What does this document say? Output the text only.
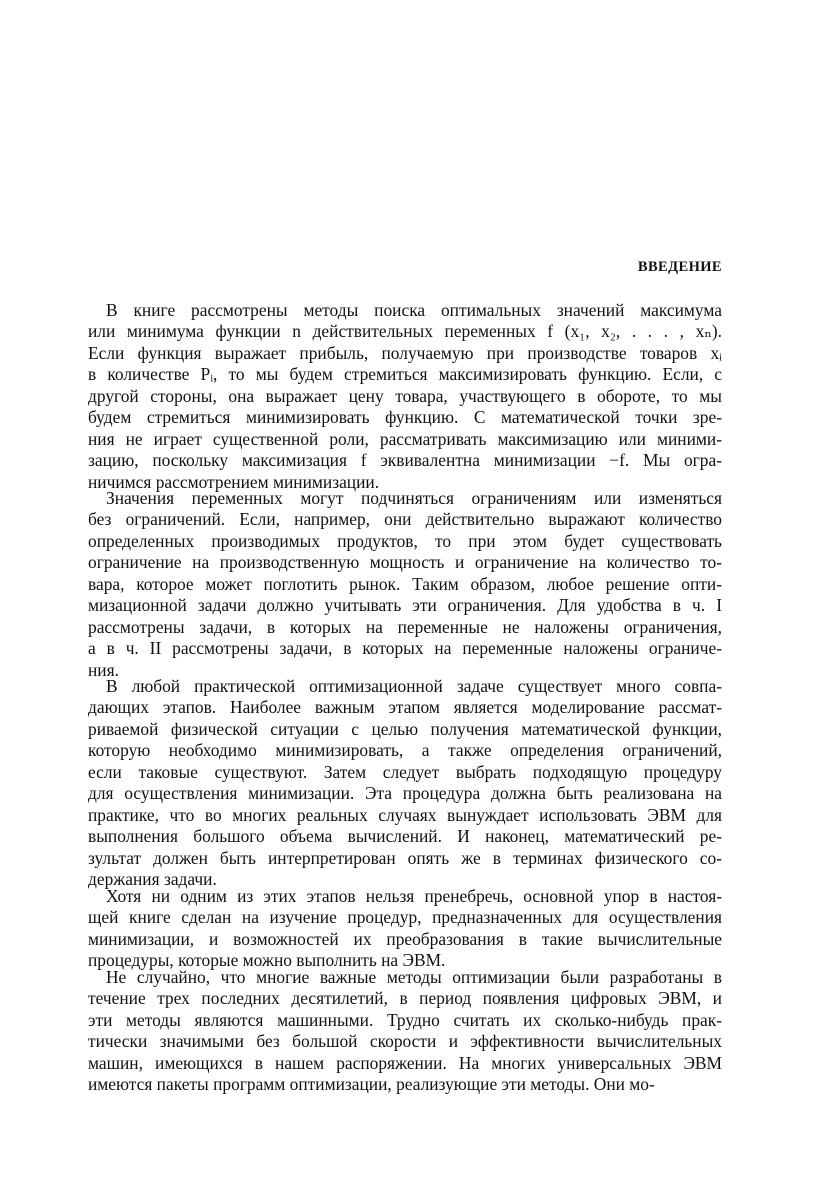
ВВЕДЕНИЕ
В книге рассмотрены методы поиска оптимальных значений максимума
или минимума функции n действительных переменных f (x₁, x₂, . . . , xₙ).
Если функция выражает прибыль, получаемую при производстве товаров xᵢ
в количестве Pᵢ, то мы будем стремиться максимизировать функцию. Если, с
другой стороны, она выражает цену товара, участвующего в обороте, то мы
будем стремиться минимизировать функцию. С математической точки зре-
ния не играет существенной роли, рассматривать максимизацию или миними-
зацию, поскольку максимизация f эквивалентна минимизации −f. Мы огра-
ничимся рассмотрением минимизации.
Значения переменных могут подчиняться ограничениям или изменяться
без ограничений. Если, например, они действительно выражают количество
определенных производимых продуктов, то при этом будет существовать
ограничение на производственную мощность и ограничение на количество то-
вара, которое может поглотить рынок. Таким образом, любое решение опти-
мизационной задачи должно учитывать эти ограничения. Для удобства в ч. I
рассмотрены задачи, в которых на переменные не наложены ограничения,
а в ч. II рассмотрены задачи, в которых на переменные наложены ограниче-
ния.
В любой практической оптимизационной задаче существует много совпа-
дающих этапов. Наиболее важным этапом является моделирование рассмат-
риваемой физической ситуации с целью получения математической функции,
которую необходимо минимизировать, а также определения ограничений,
если таковые существуют. Затем следует выбрать подходящую процедуру
для осуществления минимизации. Эта процедура должна быть реализована на
практике, что во многих реальных случаях вынуждает использовать ЭВМ для
выполнения большого объема вычислений. И наконец, математический ре-
зультат должен быть интерпретирован опять же в терминах физического со-
держания задачи.
Хотя ни одним из этих этапов нельзя пренебречь, основной упор в настоя-
щей книге сделан на изучение процедур, предназначенных для осуществления
минимизации, и возможностей их преобразования в такие вычислительные
процедуры, которые можно выполнить на ЭВМ.
Не случайно, что многие важные методы оптимизации были разработаны в
течение трех последних десятилетий, в период появления цифровых ЭВМ, и
эти методы являются машинными. Трудно считать их сколько-нибудь прак-
тически значимыми без большой скорости и эффективности вычислительных
машин, имеющихся в нашем распоряжении. На многих универсальных ЭВМ
имеются пакеты программ оптимизации, реализующие эти методы. Они мо-
